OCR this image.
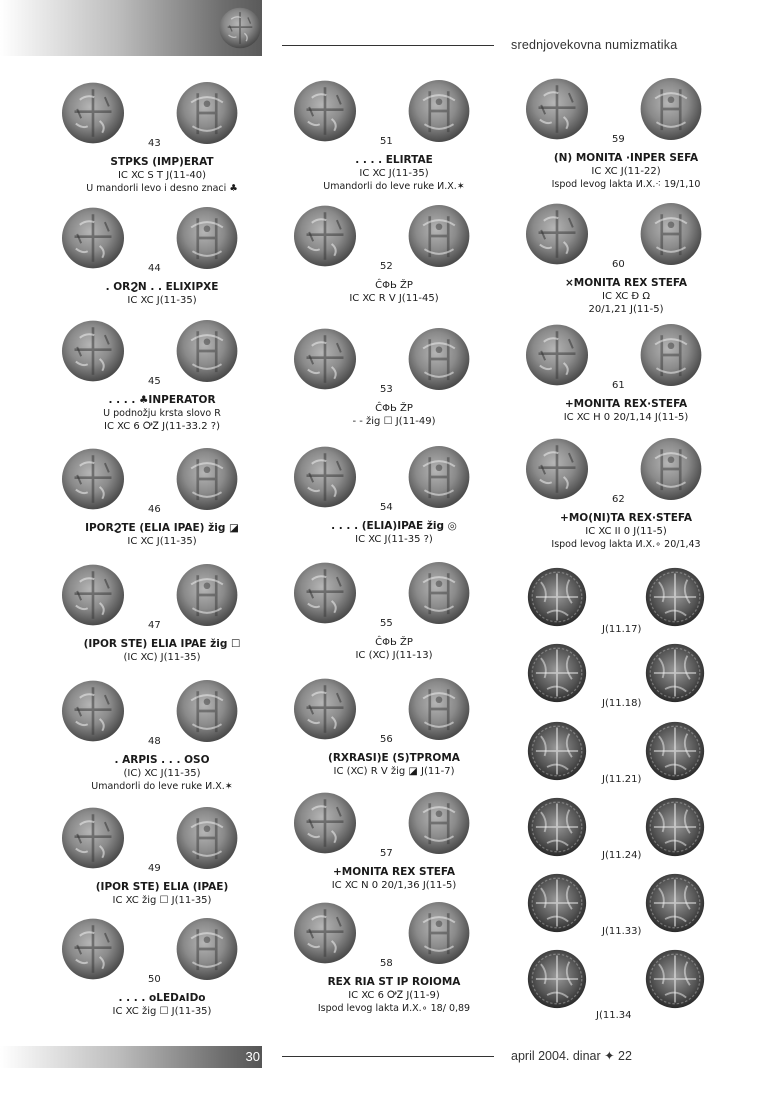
srednjovekovna numizmatika
43
STPKS (IMP)ERAT
IC XC S T J(11-40)
U mandorli levo i desno znaci ♣
44
. ORϨN . . ELIXIPXE
IC XC J(11-35)
45
. . . . ♣INPERATOR
U podnožju krsta slovo R
IC XC 6 ᎤᏃ J(11-33.2 ?)
46
IPORϨTE (ELIA IPAE) žig ◪
IC XC J(11-35)
47
(IPOR STE) ELIA IPAE žig ☐
(IC XC) J(11-35)
48
. ARPIS . . . OSO
(IC) XC J(11-35)
Umandorli do leve ruke И.Х.✶
49
(IPOR STE) ELIA (IPAE)
IC XC žig ☐ J(11-35)
50
. . . . oLEDᴀIDo
IC XC žig ☐ J(11-35)
51
. . . . ELIRTAE
IC XC J(11-35)
Umandorli do leve ruke И.Х.✶
52
ĈΦЬ ŽP
IC XC R V J(11-45)
53
ĈΦЬ ŽP
- - žig ☐ J(11-49)
54
. . . . (ELIA)IPAE žig ◎
IC XC J(11-35 ?)
55
ĈΦЬ ŽP
IC (XC) J(11-13)
56
(RXRASI)E (S)TPROMA
IC (XC) R V žig ◪ J(11-7)
57
+MONITA REX STEFA
IC XC N 0 20/1,36 J(11-5)
58
REX RIA ST IP ROIOMA
IC XC 6 ᎤᏃ J(11-9)
Ispod levog lakta И.Х.∘ 18/ 0,89
59
(N) MONITA ·INPER SEFA
IC XC J(11-22)
Ispod levog lakta И.Х.⁖ 19/1,10
60
×MONITA REX STEFA
IC XC Ɖ Ω
20/1,21 J(11-5)
61
+MONITA REX·STEFA
IC XC H 0 20/1,14 J(11-5)
62
+MO(NI)TA REX·STEFA
IC XC II 0 J(11-5)
Ispod levog lakta И.Х.∘ 20/1,43
J(11.17)
J(11.18)
J(11.21)
J(11.24)
J(11.33)
J(11.34
30	april 2004. dinar ✦ 22
